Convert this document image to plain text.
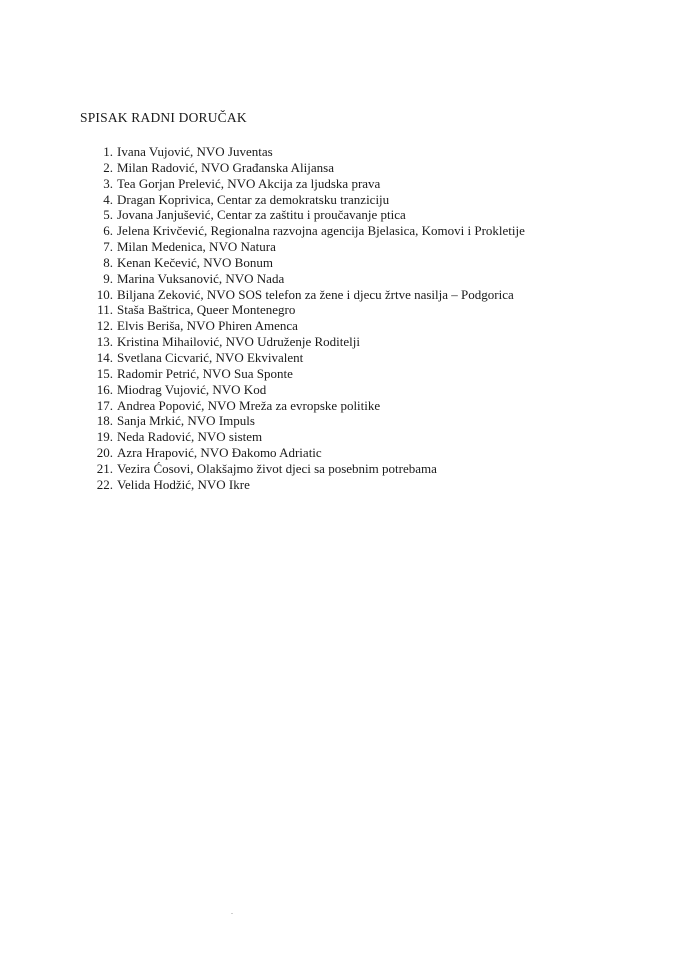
SPISAK RADNI DORUČAK
1. Ivana Vujović, NVO Juventas
2. Milan Radović, NVO Građanska Alijansa
3. Tea Gorjan Prelević, NVO Akcija za ljudska prava
4. Dragan Koprivica, Centar za demokratsku tranziciju
5. Jovana Janjušević, Centar za zaštitu i proučavanje ptica
6. Jelena Krivčević, Regionalna razvojna agencija Bjelasica, Komovi i Prokletije
7. Milan Medenica, NVO Natura
8. Kenan Kečević, NVO Bonum
9. Marina Vuksanović, NVO Nada
10. Biljana Zeković, NVO SOS telefon za žene i djecu žrtve nasilja – Podgorica
11. Staša Baštrica, Queer Montenegro
12. Elvis Beriša, NVO Phiren Amenca
13. Kristina Mihailović, NVO Udruženje Roditelji
14. Svetlana Cicvarić, NVO Ekvivalent
15. Radomir Petrić, NVO Sua Sponte
16. Miodrag Vujović, NVO Kod
17. Andrea Popović, NVO Mreža za evropske politike
18. Sanja Mrkić, NVO Impuls
19. Neda Radović, NVO sistem
20. Azra Hrapović, NVO Đakomo Adriatic
21. Vezira Ćosovi, Olakšajmo život djeci sa posebnim potrebama
22. Velida Hodžić, NVO Ikre
